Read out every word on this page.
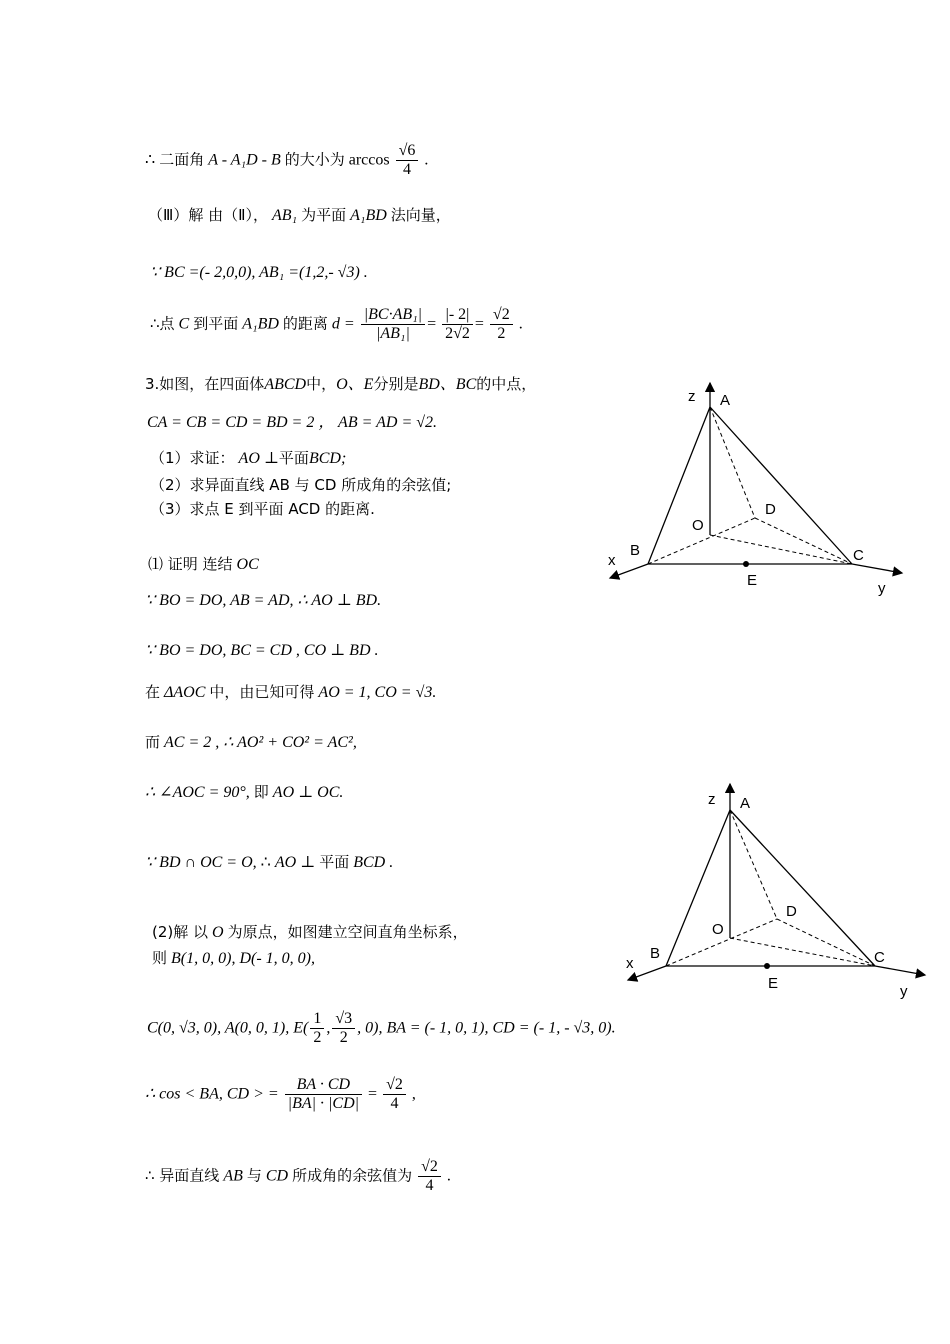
∴ 二面角 A - A₁D - B 的大小为 $\arccos \frac{√6}{4}$ .
（Ⅲ）解 由（Ⅱ）， AB₁ 为平面 A₁BD 法向量，
∵ BC =(- 2,0,0), AB₁ =(1,2,- √3) .
∴点 C 到平面 A₁BD 的距离 $d = \frac{\text{|BC·AB₁|}}{\text{|AB₁|}} = \frac{|- 2|}{2√2} = \frac{√2}{2}$ .
3.如图，在四面体ABCD中，O、E分别是BD、BC的中点，
CA = CB = CD = BD = 2 ， AB = AD = √2.
（1）求证： AO ⊥平面BCD;
（2）求异面直线 AB 与 CD 所成角的余弦值;
（3）求点 E 到平面 ACD 的距离.
⑴ 证明 连结 OC
∵ BO = DO, AB = AD, ∴ AO ⊥ BD.
∵ BO = DO, BC = CD , CO ⊥ BD .
在 ΔAOC 中，由已知可得 AO = 1, CO = √3.
而 AC = 2 , ∴ AO² + CO² = AC²,
∴ ∠AOC = 90°, 即 AO ⊥ OC.
∵ BD ∩ OC = O, ∴ AO ⊥ 平面 BCD .
(2)解 以 O 为原点，如图建立空间直角坐标系，
则 B(1, 0, 0), D(- 1, 0, 0),
C(0, √3, 0), A(0, 0, 1), $E( \frac{1}{2}$ , $\frac{√3}{2}$ , 0), BA = (- 1, 0, 1), CD = (- 1, - √3, 0).
∴ cos < BA, CD > = $\frac{BA \cdot CD}{|BA| \cdot |CD|} = \frac{√2}{4}$ ,
∴ 异面直线 AB 与 CD 所成角的余弦值为 $\frac{√2}{4}$ .
z A
D
O
B	C
E
x
y
z A
D
O
B	C
E
x
y
